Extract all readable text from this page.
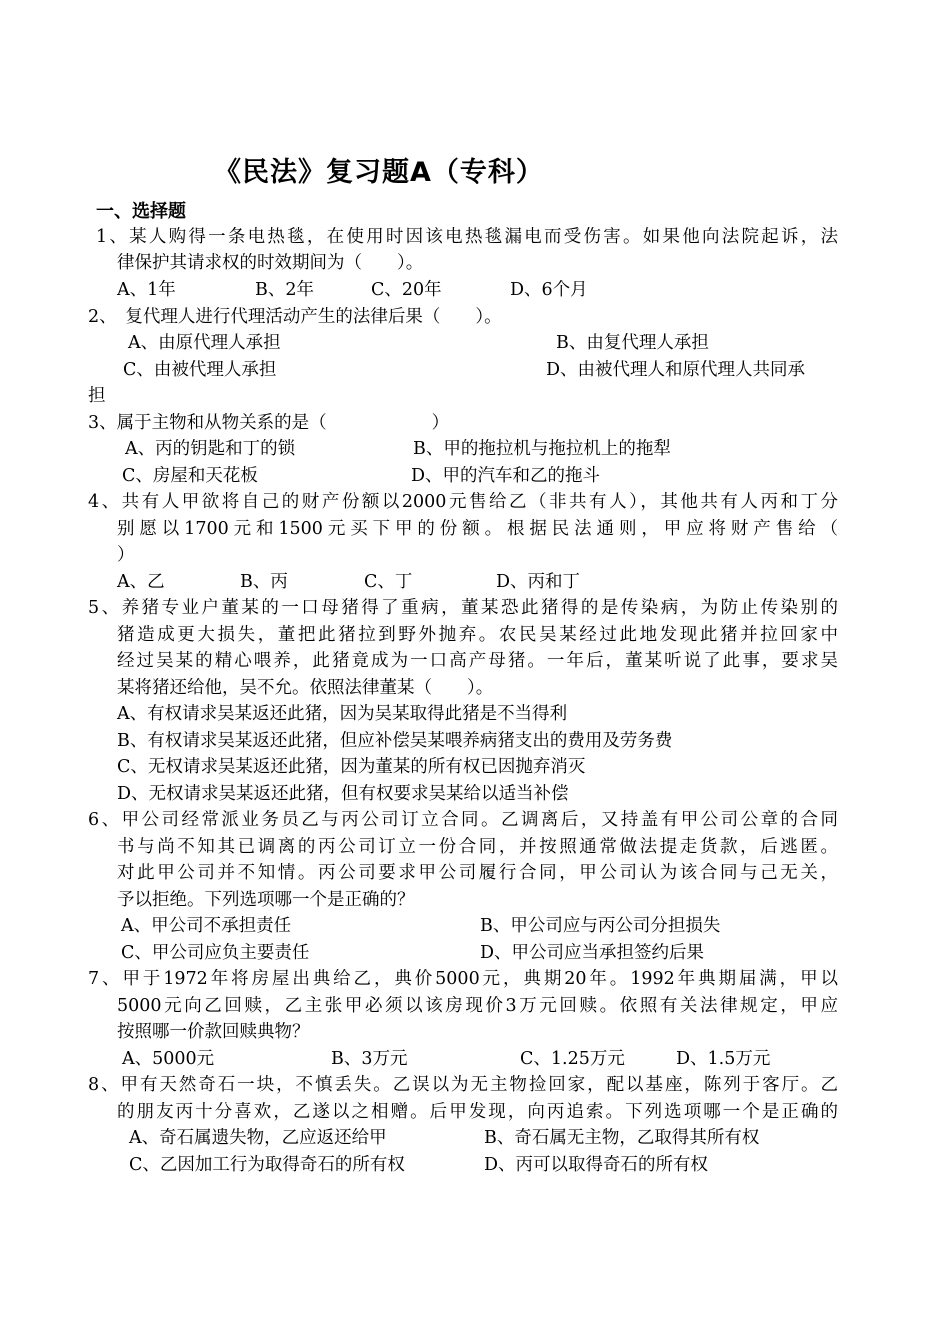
《民法》复习题A（专科）
一、选择题
1、某人购得一条电热毯，在使用时因该电热毯漏电而受伤害。如果他向法院起诉，法
律保护其请求权的时效期间为（　　）。
A、1年	B、2年	C、20年	D、6个月
2、　复代理人进行代理活动产生的法律后果（　　）。
A、由原代理人承担	B、由复代理人承担
C、由被代理人承担	D、由被代理人和原代理人共同承
担
3、属于主物和从物关系的是（　　　　　　）
A、丙的钥匙和丁的锁	B、甲的拖拉机与拖拉机上的拖犁
C、房屋和天花板	D、甲的汽车和乙的拖斗
4、共有人甲欲将自己的财产份额以2000元售给乙（非共有人），其他共有人丙和丁分
别愿以1700元和1500元买下甲的份额。根据民法通则，甲应将财产售给（
）
A、乙	B、丙	C、丁	D、丙和丁
5、养猪专业户董某的一口母猪得了重病，董某恐此猪得的是传染病，为防止传染别的
猪造成更大损失，董把此猪拉到野外抛弃。农民吴某经过此地发现此猪并拉回家中
经过吴某的精心喂养，此猪竟成为一口高产母猪。一年后，董某听说了此事，要求吴
某将猪还给他，吴不允。依照法律董某（　　）。
A、有权请求吴某返还此猪，因为吴某取得此猪是不当得利
B、有权请求吴某返还此猪，但应补偿吴某喂养病猪支出的费用及劳务费
C、无权请求吴某返还此猪，因为董某的所有权已因抛弃消灭
D、无权请求吴某返还此猪，但有权要求吴某给以适当补偿
6、甲公司经常派业务员乙与丙公司订立合同。乙调离后，又持盖有甲公司公章的合同
书与尚不知其已调离的丙公司订立一份合同，并按照通常做法提走货款，后逃匿。
对此甲公司并不知情。丙公司要求甲公司履行合同，甲公司认为该合同与己无关，
予以拒绝。下列选项哪一个是正确的？
A、甲公司不承担责任	B、甲公司应与丙公司分担损失
C、甲公司应负主要责任	D、甲公司应当承担签约后果
7、甲于1972年将房屋出典给乙，典价5000元，典期20年。1992年典期届满，甲以
5000元向乙回赎，乙主张甲必须以该房现价3万元回赎。依照有关法律规定，甲应
按照哪一价款回赎典物？
A、5000元	B、3万元	C、1.25万元	D、1.5万元
8、甲有天然奇石一块，不慎丢失。乙误以为无主物捡回家，配以基座，陈列于客厅。乙
的朋友丙十分喜欢，乙遂以之相赠。后甲发现，向丙追索。下列选项哪一个是正确的
A、奇石属遗失物，乙应返还给甲	B、奇石属无主物，乙取得其所有权
C、乙因加工行为取得奇石的所有权	D、丙可以取得奇石的所有权
